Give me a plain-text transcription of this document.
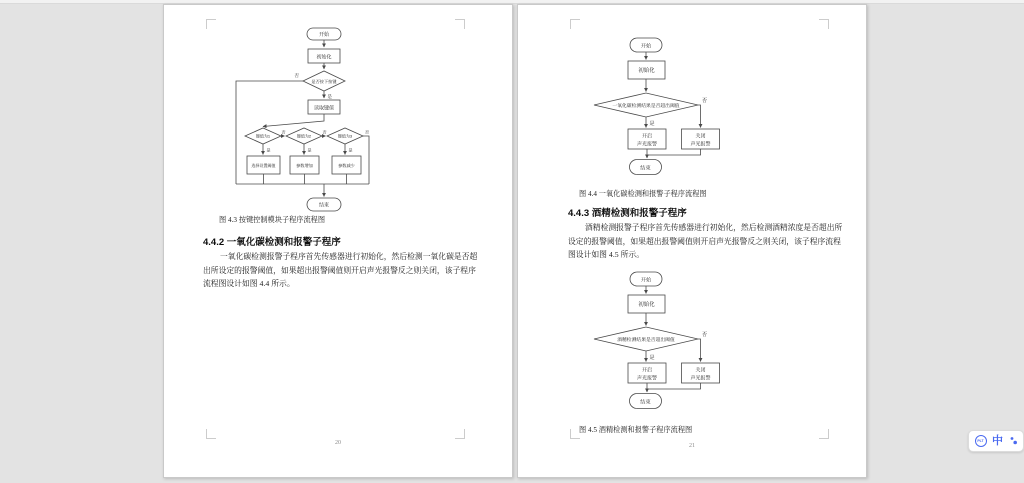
开始
初始化
是否按下按键
否
是
读取键值
键值为1	键值为2	键值为3
否	否	否
是	是	是
选择设置阈值	参数增加	参数减少
结束
图 4.3 按键控制模块子程序流程图
4.4.2 一氧化碳检测和报警子程序
一氧化碳检测报警子程序首先传感器进行初始化，然后检测一氧化碳是否超
出所设定的报警阈值，如果超出报警阈值则开启声光报警反之则关闭，该子程序
流程图设计如图 4.4 所示。
20
开始
初始化
一氧化碳检测结果是否超出阈值
否
是
开启
声光报警
关闭
声光报警
结束
开始
初始化
酒精检测结果是否超出阈值
否
是
开启
声光报警
关闭
声光报警
结束
图 4.4 一氧化碳检测和报警子程序流程图
4.4.3 酒精检测和报警子程序
酒精检测报警子程序首先传感器进行初始化，然后检测酒精浓度是否超出所
设定的报警阈值，如果超出报警阈值则开启声光报警反之则关闭，该子程序流程
图设计如图 4.5 所示。
图 4.5 酒精检测和报警子程序流程图
21
PLT 中
